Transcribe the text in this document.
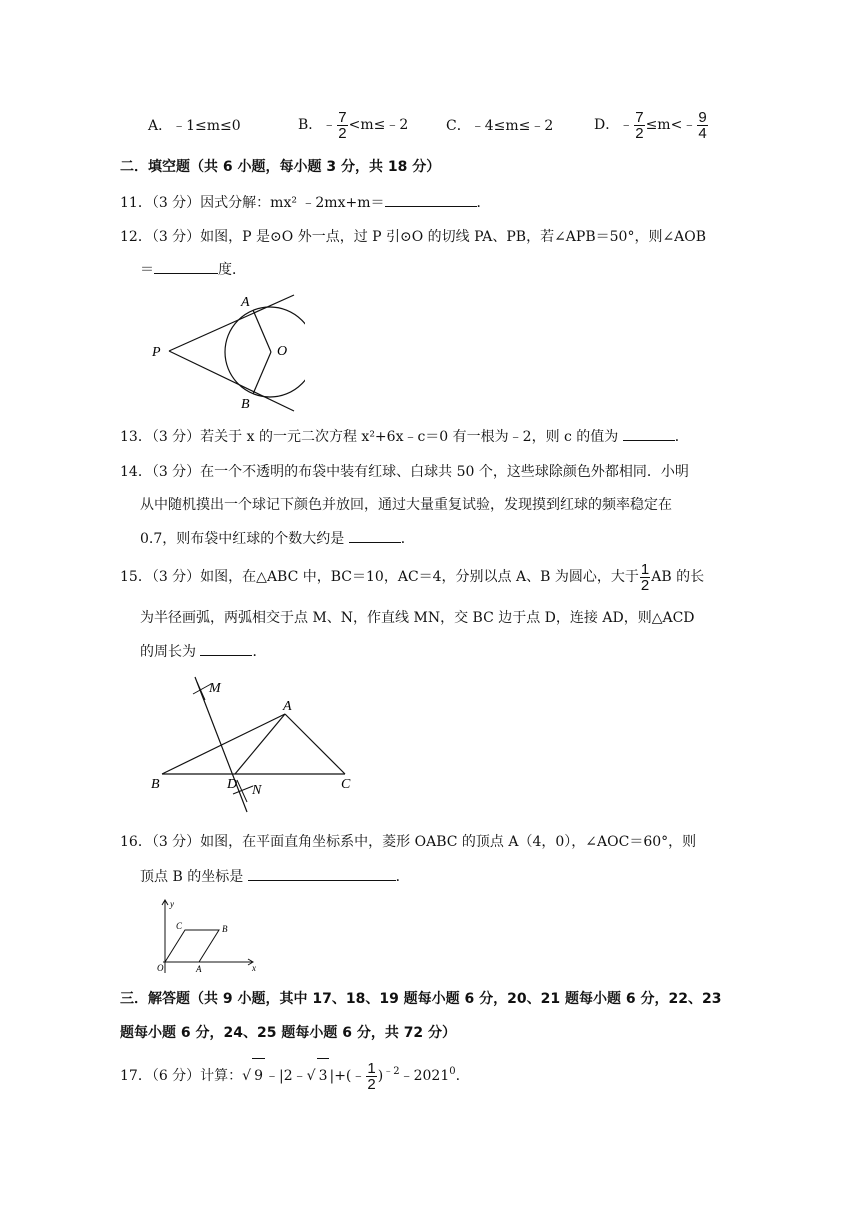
A．﹣1≤m≤0	B．﹣ $\frac{7}{2}$ <m≤﹣2	C．﹣4≤m≤﹣2	D．﹣ $\frac{7}{2}$ ≤m<﹣ $\frac{9}{4}$
二．填空题（共 6 小题，每小题 3 分，共 18 分）
11．（3 分）因式分解：mx² ﹣2mx+m＝	．
12．（3 分）如图，P 是⊙O 外一点，过 P 引⊙O 的切线 PA、PB，若∠APB＝50°，则∠AOB
＝	度．
A
B
O
P
13．（3 分）若关于 x 的一元二次方程 x²+6x﹣c＝0 有一根为﹣2，则 c 的值为	．
14．（3 分）在一个不透明的布袋中装有红球、白球共 50 个，这些球除颜色外都相同．小明
从中随机摸出一个球记下颜色并放回，通过大量重复试验，发现摸到红球的频率稳定在
0.7，则布袋中红球的个数大约是	．
15．（3 分）如图，在△ABC 中，BC＝10，AC＝4，分别以点 A、B 为圆心，大于 $\frac{1}{2}$ AB 的长
为半径画弧，两弧相交于点 M、N，作直线 MN，交 BC 边于点 D，连接 AD，则△ACD
的周长为	．
M
A
B	D N	C
16．（3 分）如图，在平面直角坐标系中，菱形 OABC 的顶点 A（4，0），∠AOC＝60°，则
顶点 B 的坐标是	．
y
x
O	A
B
C
三．解答题（共 9 小题，其中 17、18、19 题每小题 6 分，20、21 题每小题 6 分，22、23
题每小题 6 分，24、25 题每小题 6 分，共 72 分）
17．（6 分）计算：√ 9 ﹣|2﹣√ 3 |+(﹣ $\frac{1}{2}$ )$^{﹣2}$﹣2021$^0$.
